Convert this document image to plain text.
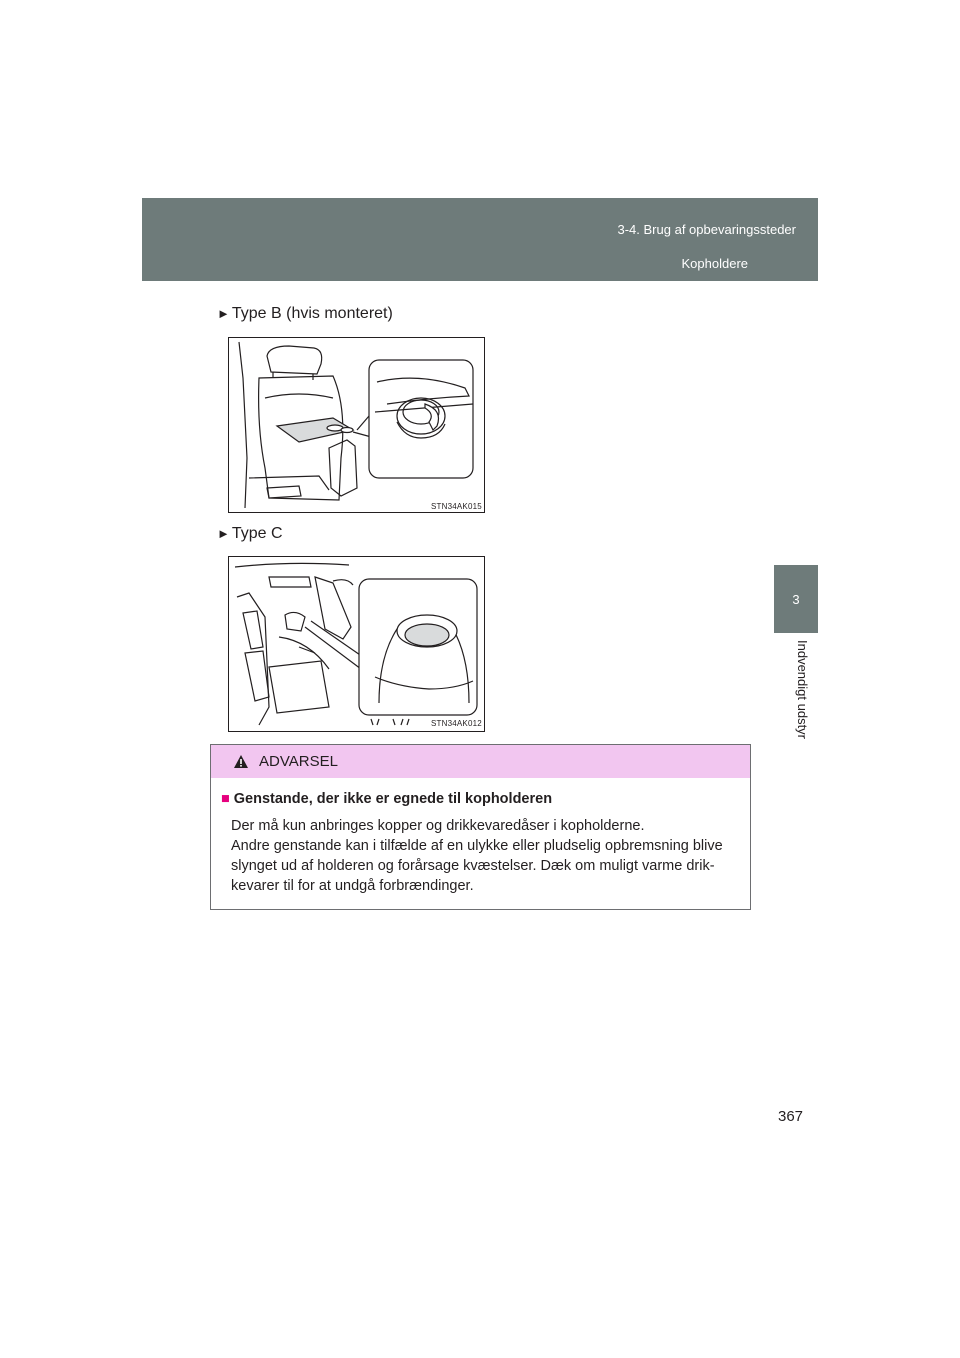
3-4. Brug af opbevaringssteder
Kopholdere
3
Indvendigt udstyr
► Type B (hvis monteret)
STN34AK015
► Type C
STN34AK012
ADVARSEL
■ Genstande, der ikke er egnede til kopholderen
Der må kun anbringes kopper og drikkevaredåser i kopholderne.
Andre genstande kan i tilfælde af en ulykke eller pludselig opbremsning blive
slynget ud af holderen og forårsage kvæstelser. Dæk om muligt varme drik-
kevarer til for at undgå forbrændinger.
367
